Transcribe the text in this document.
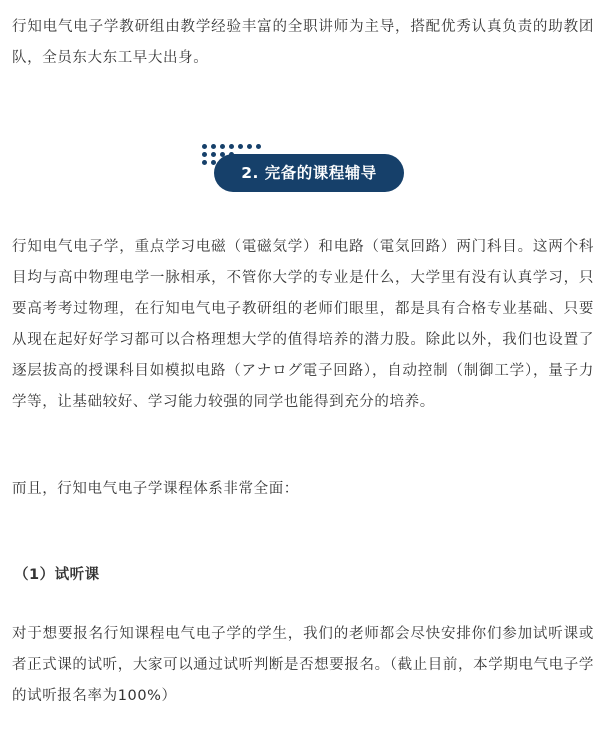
行知电气电子学教研组由教学经验丰富的全职讲师为主导，搭配优秀认真负责的助教团队，全员东大东工早大出身。

2. 完备的课程辅导

行知电气电子学，重点学习电磁（電磁気学）和电路（電気回路）两门科目。这两个科目均与高中物理电学一脉相承，不管你大学的专业是什么，大学里有没有认真学习，只要高考考过物理，在行知电气电子教研组的老师们眼里，都是具有合格专业基础、只要从现在起好好学习都可以合格理想大学的值得培养的潜力股。除此以外，我们也设置了逐层拔高的授课科目如模拟电路（アナログ電子回路），自动控制（制御工学），量子力学等，让基础较好、学习能力较强的同学也能得到充分的培养。

而且，行知电气电子学课程体系非常全面：

（1）试听课

对于想要报名行知课程电气电子学的学生，我们的老师都会尽快安排你们参加试听课或者正式课的试听，大家可以通过试听判断是否想要报名。（截止目前，本学期电气电子学的试听报名率为100%）
